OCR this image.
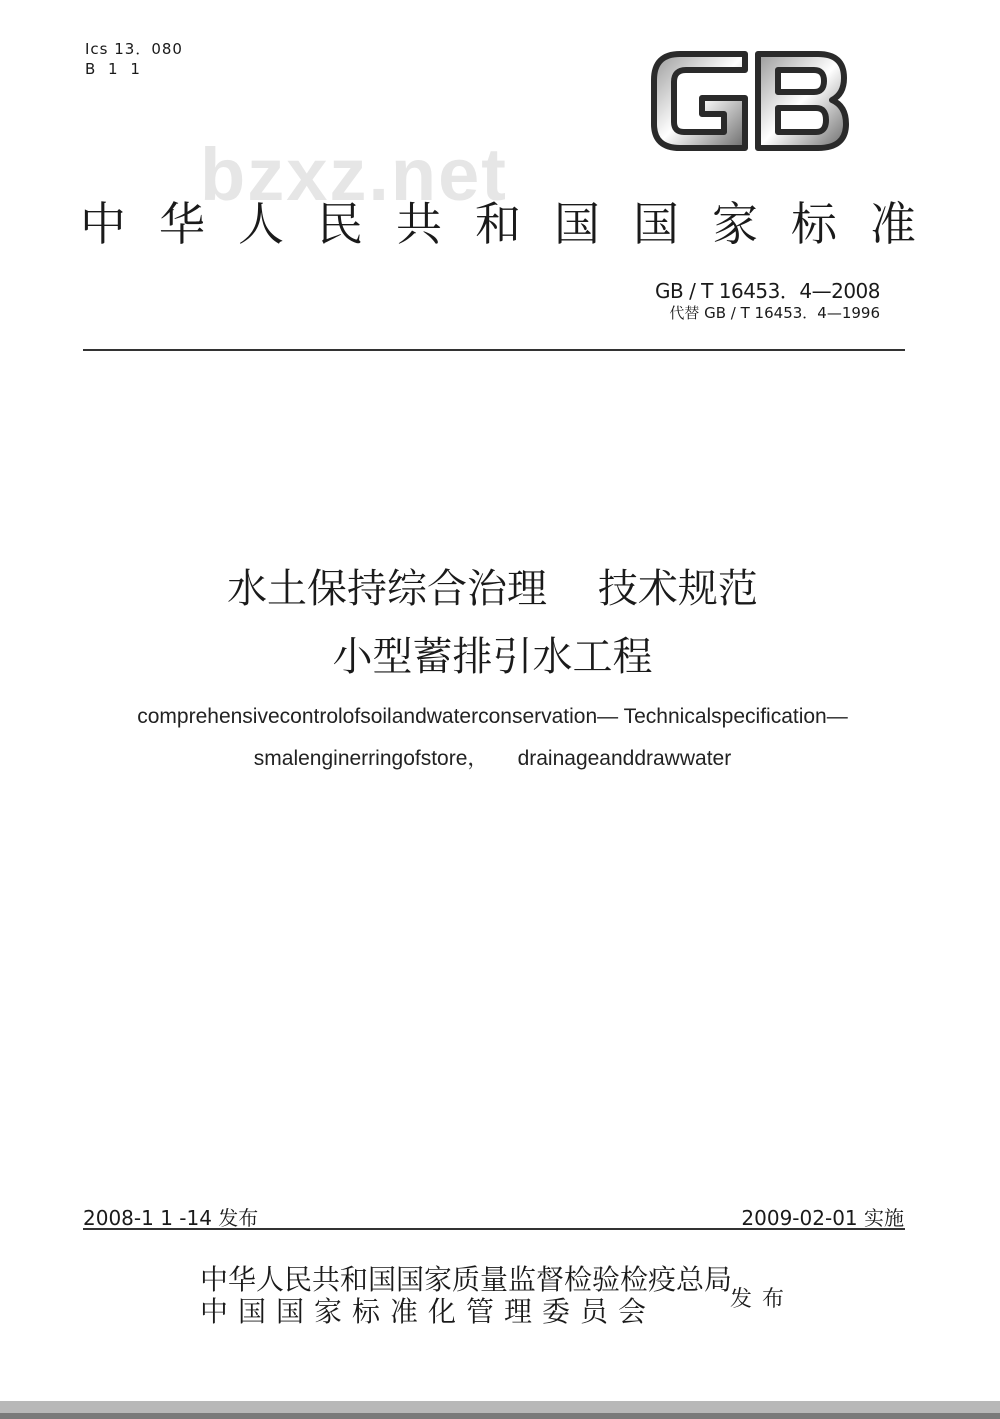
Ics 13．080
B 1 1
bzxz.net
中华人民共和国国家标准
GB / T 16453．4—2008
代替 GB / T 16453．4—1996
水土保持综合治理    技术规范
小型蓄排引水工程
comprehensivecontrolofsoilandwaterconservation— Technicalspecification—
smalenginerringofstore，     drainageanddrawwater
2008-1 1 -14 发布	2009-02-01 实施
中华人民共和国国家质量监督检验检疫总局
中国国家标准化管理委员会	发布
